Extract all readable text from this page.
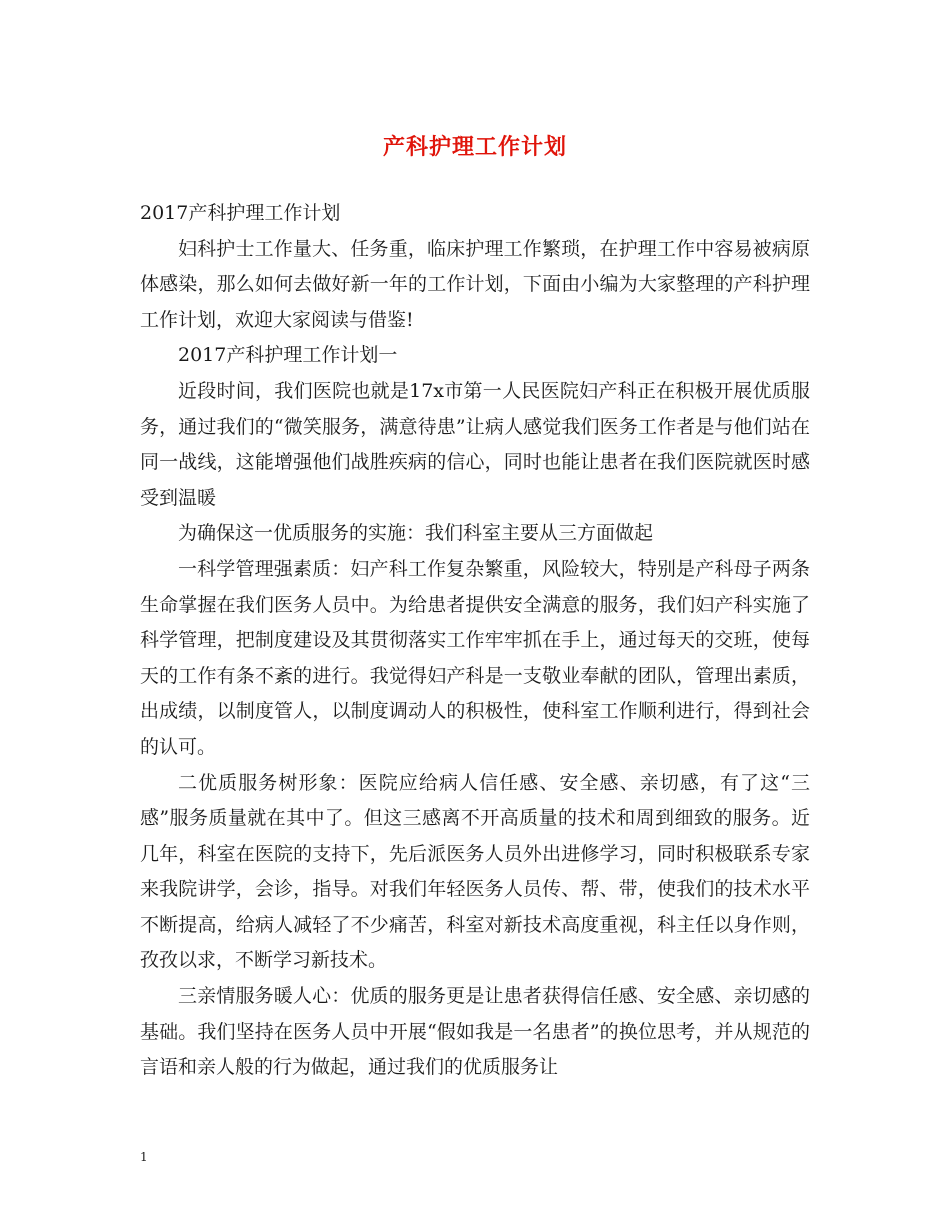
产科护理工作计划

2017产科护理工作计划

妇科护士工作量大、任务重，临床护理工作繁琐，在护理工作中容易被病原体感染，那么如何去做好新一年的工作计划，下面由小编为大家整理的产科护理工作计划，欢迎大家阅读与借鉴!

2017产科护理工作计划一

近段时间，我们医院也就是17x市第一人民医院妇产科正在积极开展优质服务，通过我们的“微笑服务，满意待患”让病人感觉我们医务工作者是与他们站在同一战线，这能增强他们战胜疾病的信心，同时也能让患者在我们医院就医时感受到温暖

为确保这一优质服务的实施：我们科室主要从三方面做起

一科学管理强素质：妇产科工作复杂繁重，风险较大，特别是产科母子两条生命掌握在我们医务人员中。为给患者提供安全满意的服务，我们妇产科实施了科学管理，把制度建设及其贯彻落实工作牢牢抓在手上，通过每天的交班，使每天的工作有条不紊的进行。我觉得妇产科是一支敬业奉献的团队，管理出素质，出成绩，以制度管人，以制度调动人的积极性，使科室工作顺利进行，得到社会的认可。

二优质服务树形象：医院应给病人信任感、安全感、亲切感，有了这“三感”服务质量就在其中了。但这三感离不开高质量的技术和周到细致的服务。近几年，科室在医院的支持下，先后派医务人员外出进修学习，同时积极联系专家来我院讲学，会诊，指导。对我们年轻医务人员传、帮、带，使我们的技术水平不断提高，给病人减轻了不少痛苦，科室对新技术高度重视，科主任以身作则，孜孜以求，不断学习新技术。

三亲情服务暖人心：优质的服务更是让患者获得信任感、安全感、亲切感的基础。我们坚持在医务人员中开展“假如我是一名患者”的换位思考，并从规范的言语和亲人般的行为做起，通过我们的优质服务让

1
